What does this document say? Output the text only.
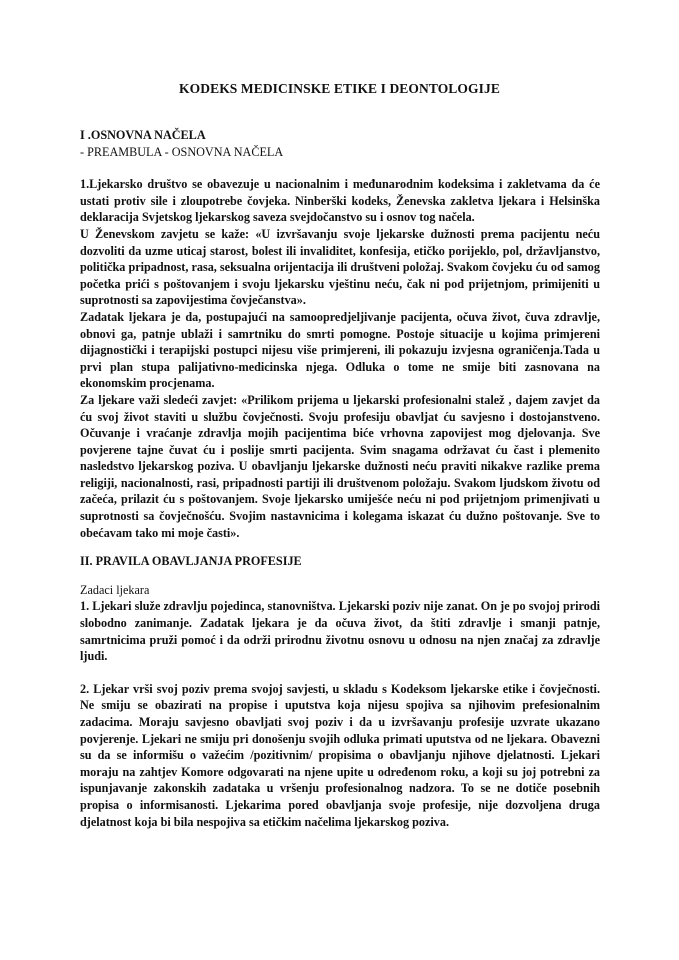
KODEKS MEDICINSKE ETIKE I DEONTOLOGIJE
I .OSNOVNA NAČELA
- PREAMBULA - OSNOVNA NAČELA

1.Ljekarsko društvo se obavezuje u nacionalnim i međunarodnim kodeksima i zakletvama da će ustati protiv sile i zloupotrebe čovjeka. Ninberški kodeks, Ženevska zakletva ljekara i Helsinška deklaracija Svjetskog ljekarskog saveza svejdočanstvo su i osnov tog načela.

U Ženevskom zavjetu se kaže: «U izvršavanju svoje ljekarske dužnosti prema pacijentu neću dozvoliti da uzme uticaj starost, bolest ili invaliditet, konfesija, etičko porijeklo, pol, državljanstvo, politička pripadnost, rasa, seksualna orijentacija ili društveni položaj. Svakom čovjeku ću od samog početka prići s poštovanjem i svoju ljekarsku vještinu neću, čak ni pod prijetnjom, primijeniti u suprotnosti sa zapovijestima čovječanstva».

Zadatak ljekara je da, postupajući na samoopredjeljivanje pacijenta, očuva život, čuva zdravlje, obnovi ga, patnje ublaži i samrtniku do smrti pomogne. Postoje situacije u kojima primjereni dijagnostički i terapijski postupci nijesu više primjereni, ili pokazuju izvjesna ograničenja.Tada u prvi plan stupa palijativno-medicinska njega. Odluka o tome ne smije biti zasnovana na ekonomskim procjenama.

Za ljekare važi sledeći zavjet: «Prilikom prijema u ljekarski profesionalni stalež , dajem zavjet da ću svoj život staviti u službu čovječnosti. Svoju profesiju obavljat ću savjesno i dostojanstveno. Očuvanje i vraćanje zdravlja mojih pacijentima biće vrhovna zapovijest mog djelovanja. Sve povjerene tajne čuvat ću i poslije smrti pacijenta. Svim snagama održavat ću čast i plemenito nasledstvo ljekarskog poziva. U obavljanju ljekarske dužnosti neću praviti nikakve razlike prema religiji, nacionalnosti, rasi, pripadnosti partiji ili društvenom položaju. Svakom ljudskom životu od začeća, prilazit ću s poštovanjem. Svoje ljekarsko umiješće neću ni pod prijetnjom primenjivati u suprotnosti sa čovječnošću. Svojim nastavnicima i kolegama iskazat ću dužno poštovanje. Sve to obećavam tako mi moje časti».

II. PRAVILA OBAVLJANJA PROFESIJE
Zadaci ljekara

1. Ljekari služe zdravlju pojedinca, stanovništva. Ljekarski poziv nije zanat. On je po svojoj prirodi slobodno zanimanje. Zadatak ljekara je da očuva život, da štiti zdravlje i smanji patnje, samrtnicima pruži pomoć i da održi prirodnu životnu osnovu u odnosu na njen značaj za zdravlje ljudi.

2. Ljekar vrši svoj poziv prema svojoj savjesti, u skladu s Kodeksom ljekarske etike i čovječnosti. Ne smiju se obazirati na propise i uputstva koja nijesu spojiva sa njihovim prefesionalnim zadacima. Moraju savjesno obavljati svoj poziv i da u izvršavanju profesije uzvrate ukazano povjerenje. Ljekari ne smiju pri donošenju svojih odluka primati uputstva od ne ljekara. Obavezni su da se informišu o važećim /pozitivnim/ propisima o obavljanju njihove djelatnosti. Ljekari moraju na zahtjev Komore odgovarati na njene upite u određenom roku, a koji su joj potrebni za ispunjavanje zakonskih zadataka u vršenju profesionalnog nadzora. To se ne dotiče posebnih propisa o informisanosti. Ljekarima pored obavljanja svoje profesije, nije dozvoljena druga djelatnost koja bi bila nespojiva sa etičkim načelima ljekarskog poziva.
